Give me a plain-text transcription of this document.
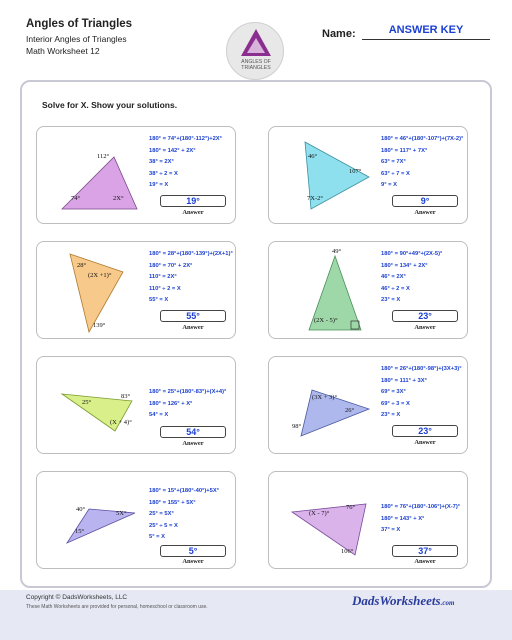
Angles of Triangles
Interior Angles of Triangles
Math Worksheet 12
ANGLES OF
TRIANGLES
Name:	ANSWER KEY
Solve for X. Show your solutions.
112°
74°	2X°
180° = 74°+(180°-112°)+2X°
180° = 142° + 2X°
38° = 2X°
38° ÷ 2 = X
19° = X
19°
Answer
46°
107°
7X-2°
180° = 46°+(180°-107°)+(7X-2)°
180° = 117° + 7X°
63° = 7X°
63° ÷ 7 = X
9° = X
9°
Answer
28°
(2X +1)°
139°
180° = 28°+(180°-139°)+(2X+1)°
180° = 70° + 2X°
110° = 2X°
110° ÷ 2 = X
55° = X
55°
Answer
49°
(2X - 5)°
180° = 90°+49°+(2X-5)°
180° = 134° + 2X°
46° = 2X°
46° ÷ 2 = X
23° = X
23°
Answer
83°
25°
(X + 4)°
180° = 25°+(180°-83°)+(X+4)°
180° = 126° + X°
54° = X
54°
Answer
(3X + 3)°
26°
98°
180° = 26°+(180°-98°)+(3X+3)°
180° = 111° + 3X°
69° = 3X°
69° ÷ 3 = X
23° = X
23°
Answer
40°
5X°
15°
180° = 15°+(180°-40°)+5X°
180° = 155° + 5X°
25° = 5X°
25° ÷ 5 = X
5° = X
5°
Answer
(X - 7)°
76°
106°
180° = 76°+(180°-106°)+(X-7)°
180° = 143° + X°
37° = X
37°
Answer
Copyright © DadsWorksheets, LLC
These Math Worksheets are provided for personal, homeschool or classroom use.	DadsWorksheets.com
